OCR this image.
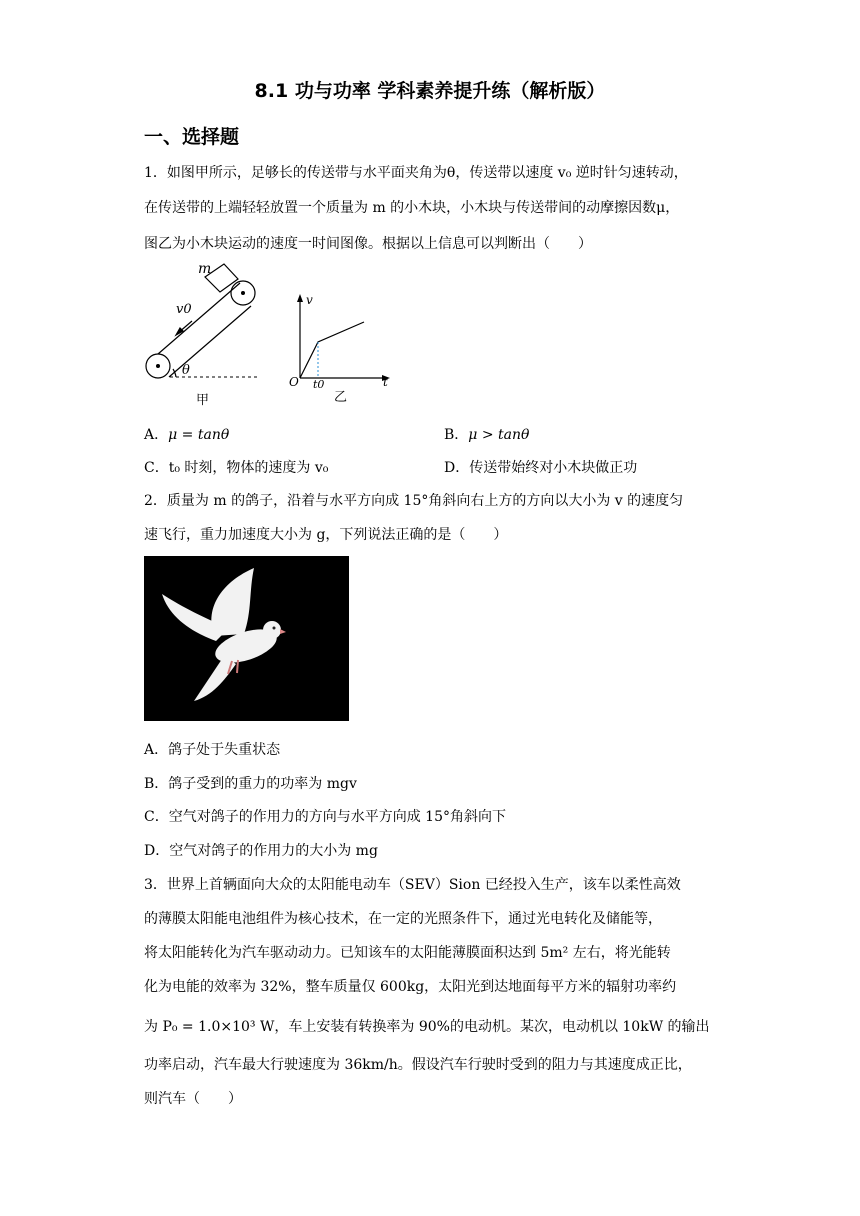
8.1 功与功率 学科素养提升练（解析版）
一、选择题
1．如图甲所示，足够长的传送带与水平面夹角为θ，传送带以速度 v₀ 逆时针匀速转动，
在传送带的上端轻轻放置一个质量为 m 的小木块，小木块与传送带间的动摩擦因数μ，
图乙为小木块运动的速度一时间图像。根据以上信息可以判断出（　　）
m
v0
θ
甲
v
O t0	t
乙
A．μ = tanθ	B．μ > tanθ
C．t₀ 时刻，物体的速度为 v₀	D．传送带始终对小木块做正功
2．质量为 m 的鸽子，沿着与水平方向成 15°角斜向右上方的方向以大小为 v 的速度匀
速飞行，重力加速度大小为 g，下列说法正确的是（　　）
A．鸽子处于失重状态
B．鸽子受到的重力的功率为 mgv
C．空气对鸽子的作用力的方向与水平方向成 15°角斜向下
D．空气对鸽子的作用力的大小为 mg
3．世界上首辆面向大众的太阳能电动车（SEV）Sion 已经投入生产，该车以柔性高效
的薄膜太阳能电池组件为核心技术，在一定的光照条件下，通过光电转化及储能等，
将太阳能转化为汽车驱动动力。已知该车的太阳能薄膜面积达到 5m² 左右，将光能转
化为电能的效率为 32%，整车质量仅 600kg，太阳光到达地面每平方米的辐射功率约
为 P₀ = 1.0×10³ W，车上安装有转换率为 90%的电动机。某次，电动机以 10kW 的输出
功率启动，汽车最大行驶速度为 36km/h。假设汽车行驶时受到的阻力与其速度成正比，
则汽车（　　）
